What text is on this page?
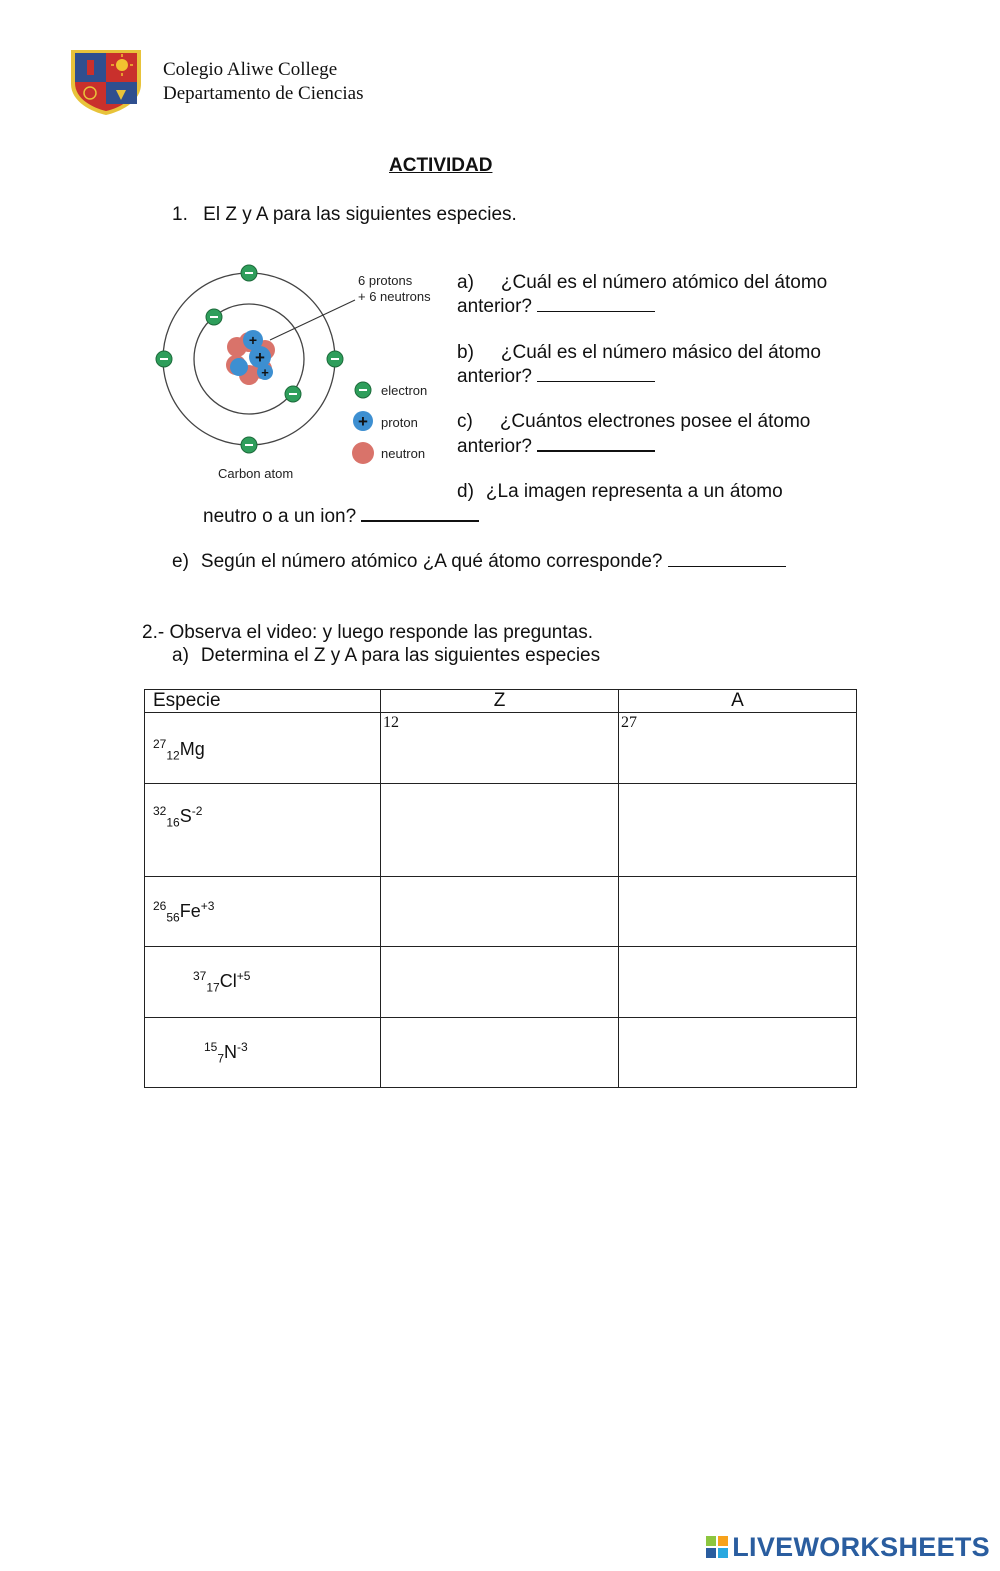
Colegio Aliwe College
Departamento de Ciencias
ACTIVIDAD
1. El Z y A para las siguientes especies.
+
+
+
+
6 protons
+ 6 neutrons
electron
proton
neutron
Carbon atom
a) ¿Cuál es el número atómico del átomo
anterior?
b) ¿Cuál es el número másico del átomo
anterior?
c) ¿Cuántos electrones posee el átomo
anterior?
d) ¿La imagen representa a un átomo
neutro o a un ion?
e) Según el número atómico ¿A qué átomo corresponde?
2.- Observa el video: y luego responde las preguntas.
a) Determina el Z y A para las siguientes especies
Especie	Z	A

$^{27}_{12}$Mg	12	27

$^{32}_{16}S^{-2}$

$^{26}_{56}Fe^{+3}$

$^{37}_{17}Cl^{+5}$

$^{15}_7N^{-3}$

LIVEWORKSHEETS
